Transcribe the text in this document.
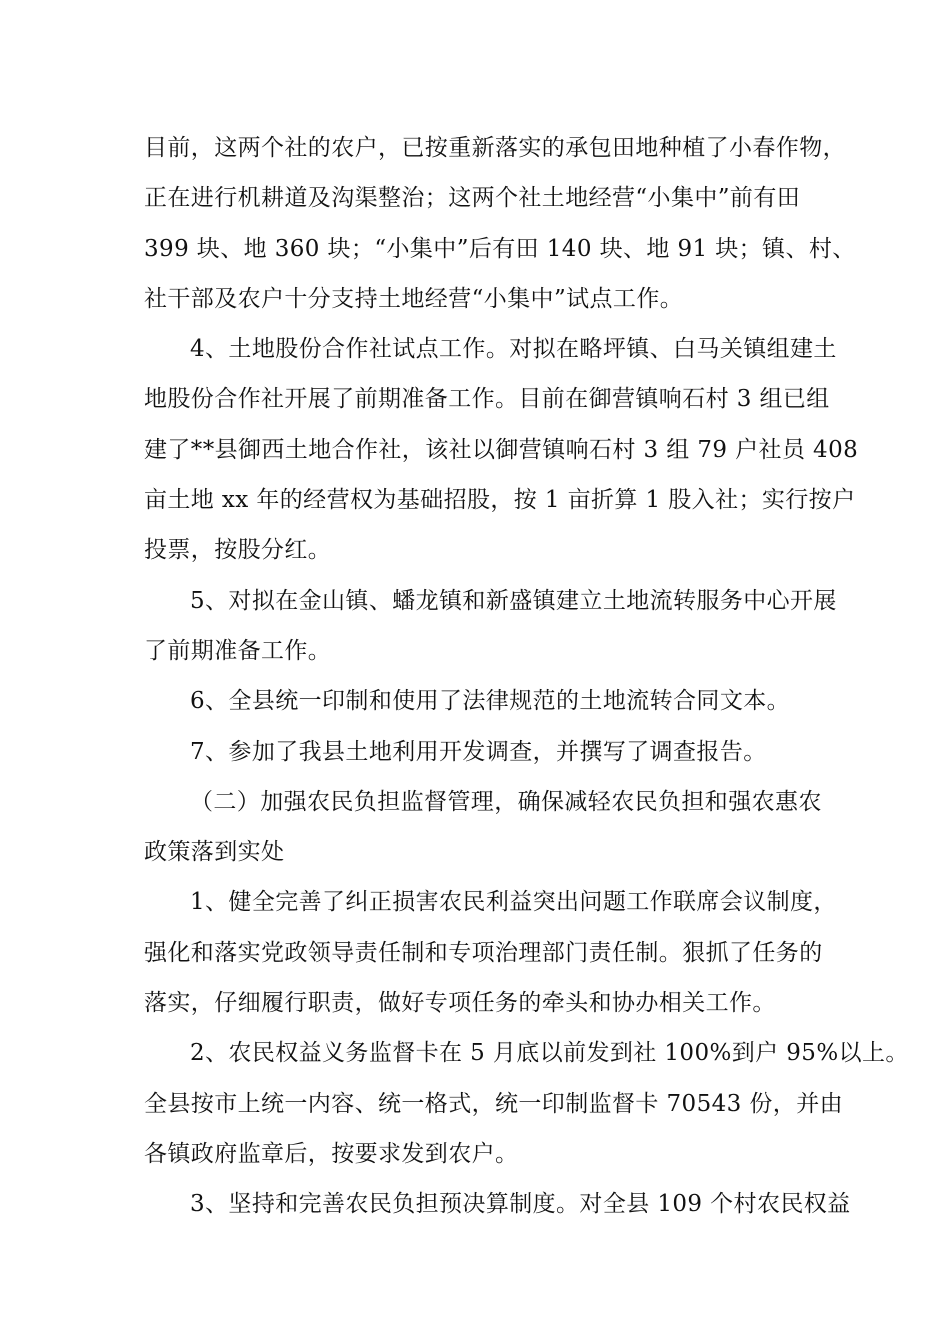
目前，这两个社的农户，已按重新落实的承包田地种植了小春作物，
正在进行机耕道及沟渠整治；这两个社土地经营“小集中”前有田
399 块、地 360 块；“小集中”后有田 140 块、地 91 块；镇、村、
社干部及农户十分支持土地经营“小集中”试点工作。
4、土地股份合作社试点工作。对拟在略坪镇、白马关镇组建土
地股份合作社开展了前期准备工作。目前在御营镇响石村 3 组已组
建了**县御西土地合作社，该社以御营镇响石村 3 组 79 户社员 408
亩土地 xx 年的经营权为基础招股，按 1 亩折算 1 股入社；实行按户
投票，按股分红。
5、对拟在金山镇、蟠龙镇和新盛镇建立土地流转服务中心开展
了前期准备工作。
6、全县统一印制和使用了法律规范的土地流转合同文本。
7、参加了我县土地利用开发调查，并撰写了调查报告。
（二）加强农民负担监督管理，确保减轻农民负担和强农惠农
政策落到实处
1、健全完善了纠正损害农民利益突出问题工作联席会议制度，
强化和落实党政领导责任制和专项治理部门责任制。狠抓了任务的
落实，仔细履行职责，做好专项任务的牵头和协办相关工作。
2、农民权益义务监督卡在 5 月底以前发到社 100%到户 95%以上。
全县按市上统一内容、统一格式，统一印制监督卡 70543 份，并由
各镇政府监章后，按要求发到农户。
3、坚持和完善农民负担预决算制度。对全县 109 个村农民权益
